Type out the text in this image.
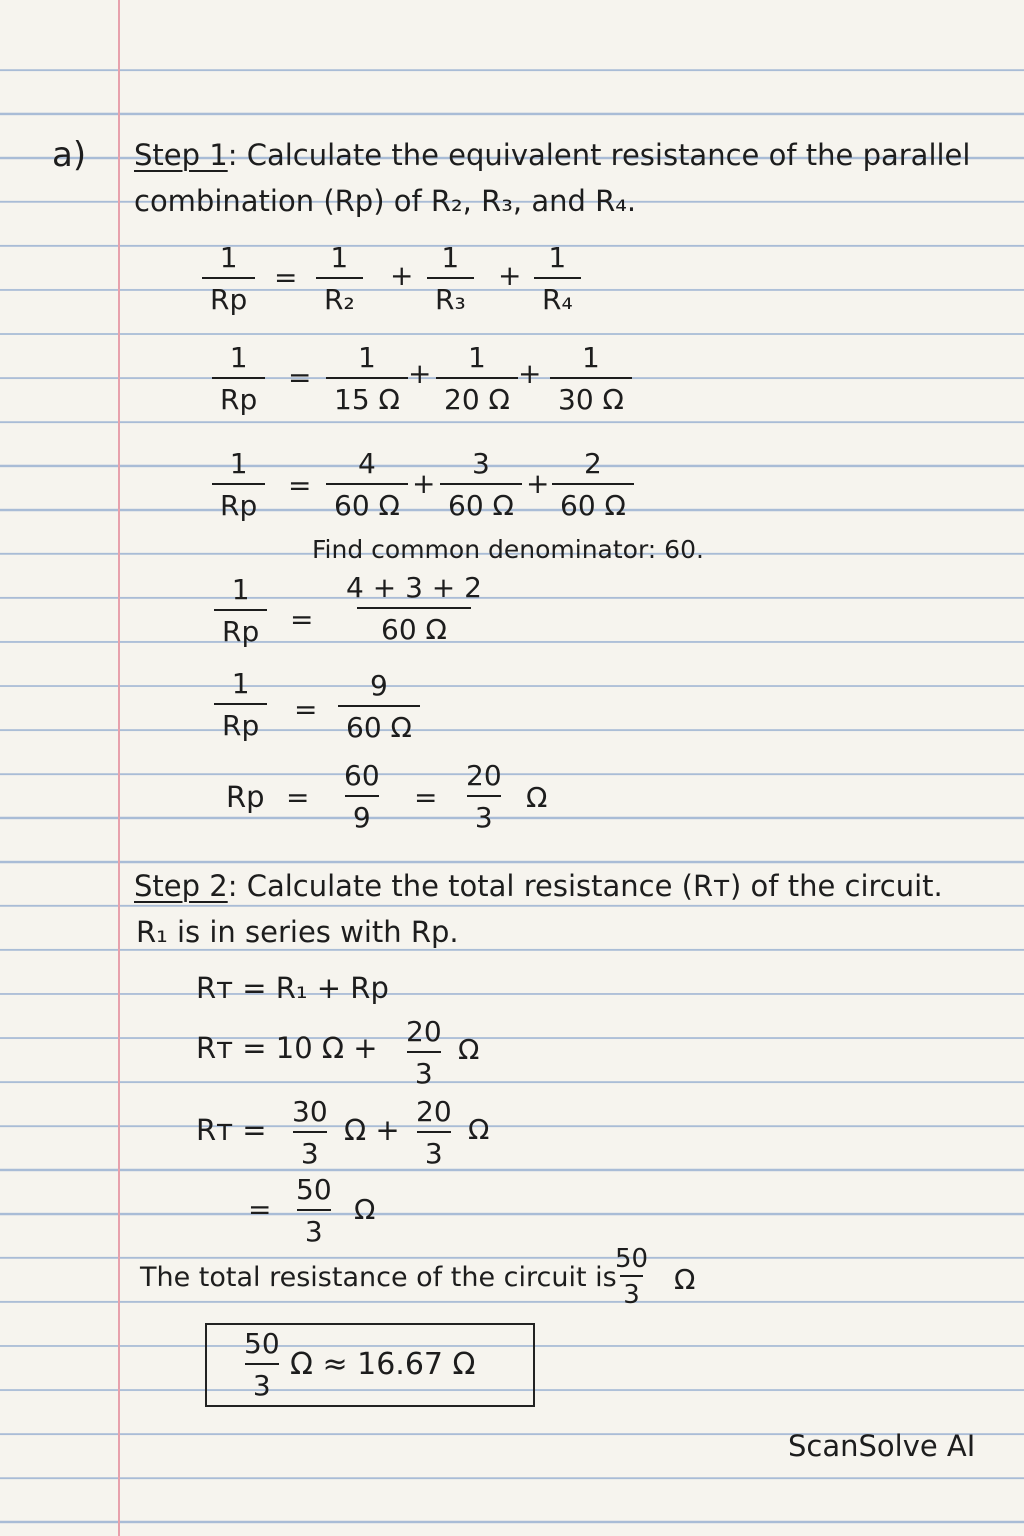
a) Step 1: Calculate the equivalent resistance of the parallel
combination (Rp) of R₂, R₃, and R₄.
$\frac{1}{Rp} = \frac{1}{\text{R₂}} + \frac{1}{\text{R₃}} + \frac{1}{\text{R₄}}$
$\frac{1}{Rp} = \frac{1}{15 \Omega} + \frac{1}{20 \Omega} + \frac{1}{30 \Omega}$
$\frac{1}{Rp} = \frac{4}{60 \Omega} + \frac{3}{60 \Omega} + \frac{2}{60 \Omega}$
Find common denominator: 60.
$\frac{1}{Rp} = \frac{4 + 3 + 2}{60 \Omega}$
$\frac{1}{Rp} = \frac{9}{60 \Omega}$
$Rp = \frac{60}{9} = \frac{20}{3}$ Ω
Step 2: Calculate the total resistance (Rᴛ) of the circuit.
R₁ is in series with Rp.
Rᴛ = R₁ + Rp
Rᴛ = 10 $\Omega + \frac{20}{3}$ Ω
Rᴛ = $\frac{30}{3}$ $\Omega + \frac{20}{3}$ Ω
= $\frac{50}{3}$ Ω
The total resistance of the circuit is
$\frac{50}{3}$ Ω
$\frac{50}{3}$ Ω ≈ 16.67 Ω
ScanSolve AI
